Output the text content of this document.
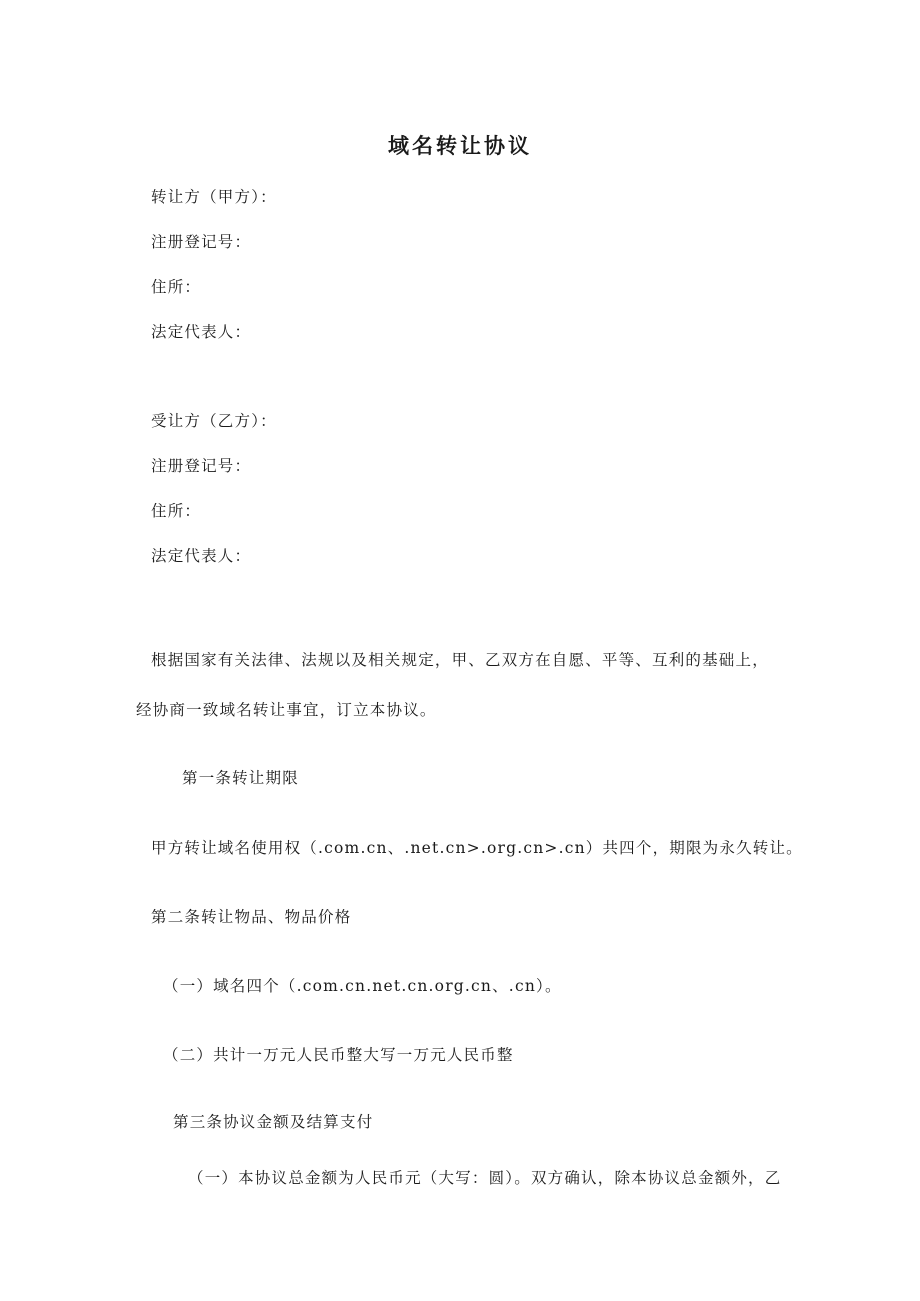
域名转让协议
转让方（甲方）：
注册登记号：
住所：
法定代表人：
受让方（乙方）：
注册登记号：
住所：
法定代表人：
根据国家有关法律、法规以及相关规定，甲、乙双方在自愿、平等、互利的基础上，
经协商一致域名转让事宜，订立本协议。
第一条转让期限
甲方转让域名使用权（.com.cn、.net.cn>.org.cn>.cn）共四个，期限为永久转让。
第二条转让物品、物品价格
（一）域名四个（.com.cn.net.cn.org.cn、.cn）。
（二）共计一万元人民币整大写一万元人民币整
第三条协议金额及结算支付
（一）本协议总金额为人民币元（大写：圆）。双方确认，除本协议总金额外，乙
